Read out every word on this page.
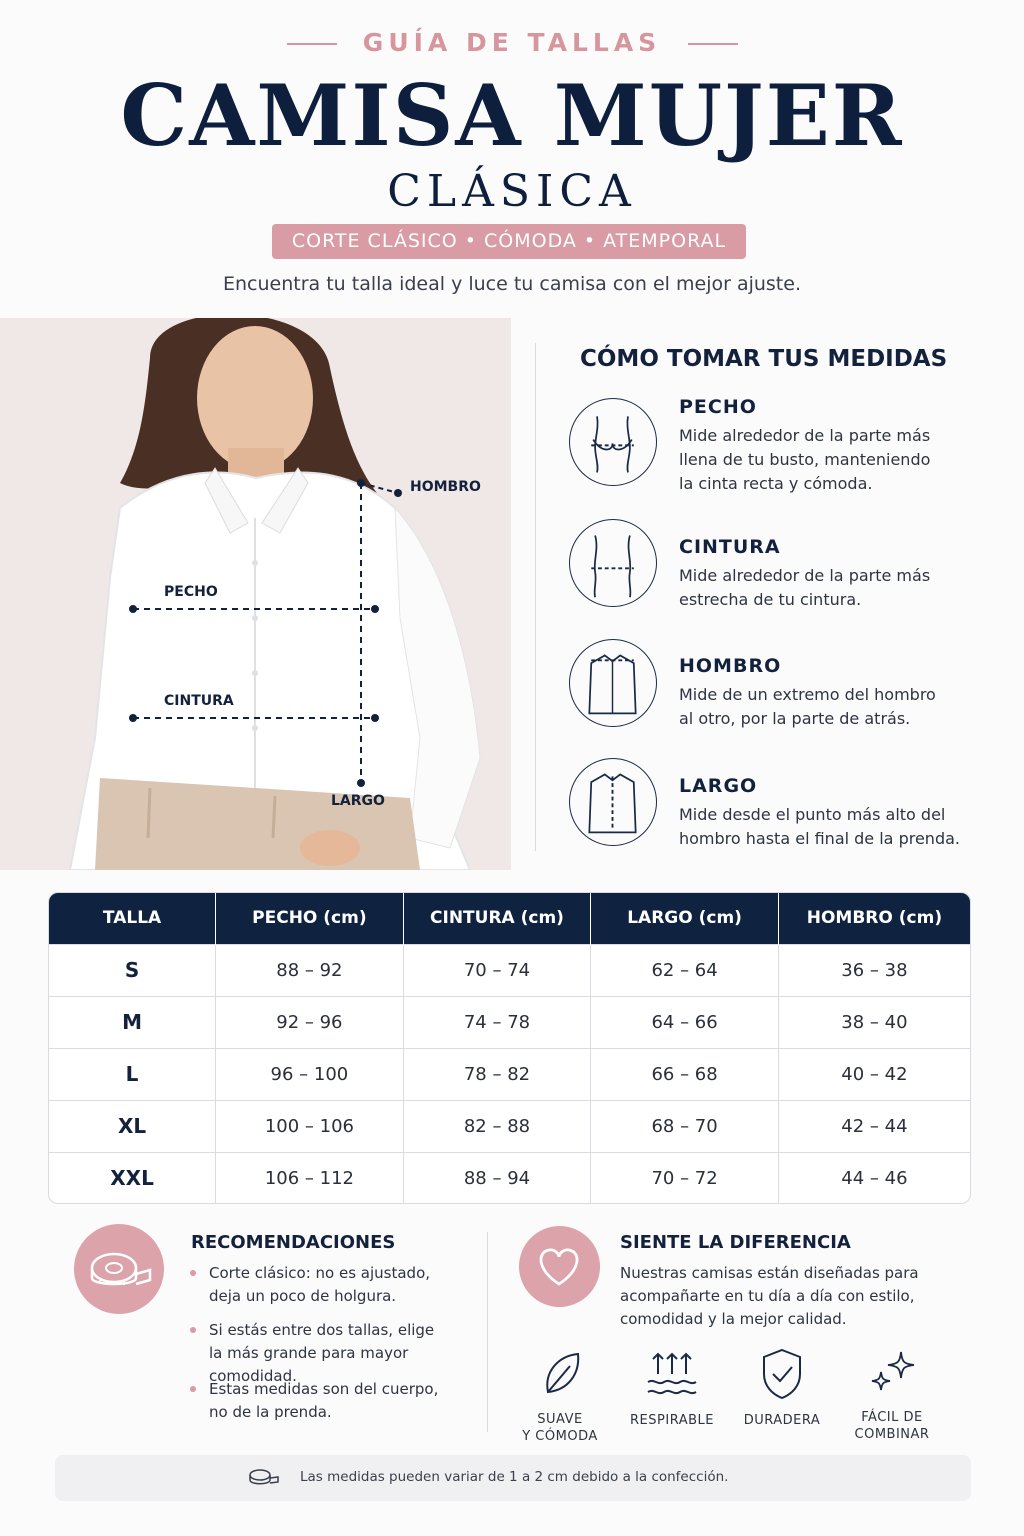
GUÍA DE TALLAS
CAMISA MUJER
CLÁSICA
CORTE CLÁSICO • CÓMODA • ATEMPORAL
Encuentra tu talla ideal y luce tu camisa con el mejor ajuste.
HOMBRO
PECHO
CINTURA
LARGO
CÓMO TOMAR TUS MEDIDAS
PECHO
Mide alrededor de la parte más
llena de tu busto, manteniendo
la cinta recta y cómoda.
CINTURA
Mide alrededor de la parte más
estrecha de tu cintura.
HOMBRO
Mide de un extremo del hombro
al otro, por la parte de atrás.
LARGO
Mide desde el punto más alto del
hombro hasta el final de la prenda.
TALLA	PECHO (cm)	CINTURA (cm)	LARGO (cm)	HOMBRO (cm)
S	88 – 92	70 – 74	62 – 64	36 – 38
M	92 – 96	74 – 78	64 – 66	38 – 40
L	96 – 100	78 – 82	66 – 68	40 – 42
XL	100 – 106	82 – 88	68 – 70	42 – 44
XXL	106 – 112	88 – 94	70 – 72	44 – 46
RECOMENDACIONES
Corte clásico: no es ajustado,
deja un poco de holgura.
Si estás entre dos tallas, elige
la más grande para mayor comodidad.
Estas medidas son del cuerpo,
no de la prenda.
SIENTE LA DIFERENCIA
Nuestras camisas están diseñadas para acompañarte en tu día a día con estilo, comodidad y la mejor calidad.
SUAVE
Y CÓMODA
RESPIRABLE	DURADERA	FÁCIL DE
COMBINAR
Las medidas pueden variar de 1 a 2 cm debido a la confección.
